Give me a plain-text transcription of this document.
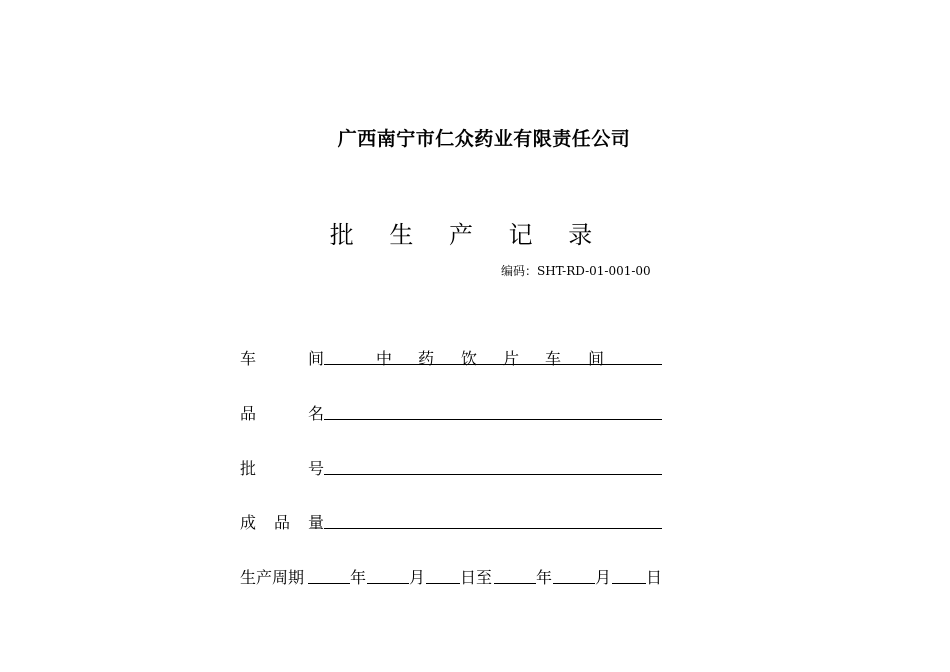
广西南宁市仁众药业有限责任公司
批 生 产 记 录
编码：SHT-RD-01-001-00
车	间	中 药 饮 片 车 间
品	名
批	号
成 品 量
生产周期	年	月 日至	年	月 日
